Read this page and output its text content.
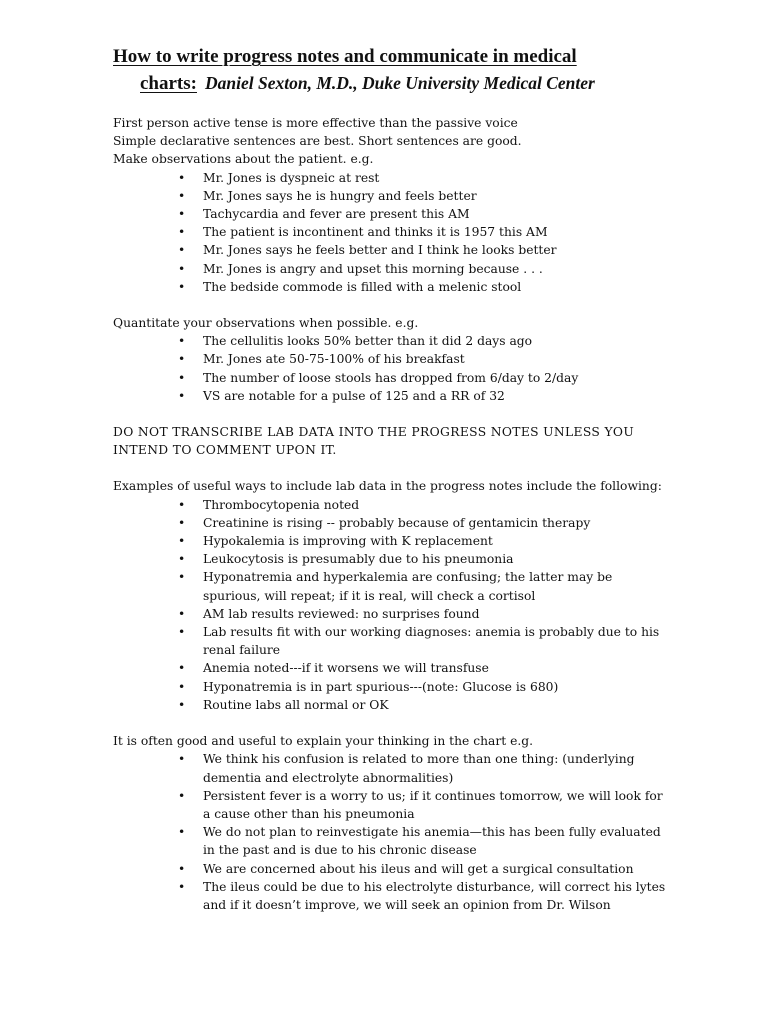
How to write progress notes and communicate in medical
charts: Daniel Sexton, M.D., Duke University Medical Center

First person active tense is more effective than the passive voice

Simple declarative sentences are best. Short sentences are good.

Make observations about the patient. e.g.

• Mr. Jones is dyspneic at rest
• Mr. Jones says he is hungry and feels better
• Tachycardia and fever are present this AM
• The patient is incontinent and thinks it is 1957 this AM
• Mr. Jones says he feels better and I think he looks better
• Mr. Jones is angry and upset this morning because . . .
• The bedside commode is filled with a melenic stool

Quantitate your observations when possible. e.g.

• The cellulitis looks 50% better than it did 2 days ago
• Mr. Jones ate 50-75-100% of his breakfast
• The number of loose stools has dropped from 6/day to 2/day
• VS are notable for a pulse of 125 and a RR of 32

DO NOT TRANSCRIBE LAB DATA INTO THE PROGRESS NOTES UNLESS YOU INTEND TO COMMENT UPON IT.

Examples of useful ways to include lab data in the progress notes include the following:

• Thrombocytopenia noted
• Creatinine is rising -- probably because of gentamicin therapy
• Hypokalemia is improving with K replacement
• Leukocytosis is presumably due to his pneumonia
• Hyponatremia and hyperkalemia are confusing; the latter may be spurious, will repeat; if it is real, will check a cortisol
• AM lab results reviewed: no surprises found
• Lab results fit with our working diagnoses: anemia is probably due to his renal failure
• Anemia noted---if it worsens we will transfuse
• Hyponatremia is in part spurious---(note: Glucose is 680)
• Routine labs all normal or OK

It is often good and useful to explain your thinking in the chart e.g.

• We think his confusion is related to more than one thing: (underlying dementia and electrolyte abnormalities)
• Persistent fever is a worry to us; if it continues tomorrow, we will look for a cause other than his pneumonia
• We do not plan to reinvestigate his anemia—this has been fully evaluated in the past and is due to his chronic disease
• We are concerned about his ileus and will get a surgical consultation
• The ileus could be due to his electrolyte disturbance, will correct his lytes and if it doesn’t improve, we will seek an opinion from Dr. Wilson
